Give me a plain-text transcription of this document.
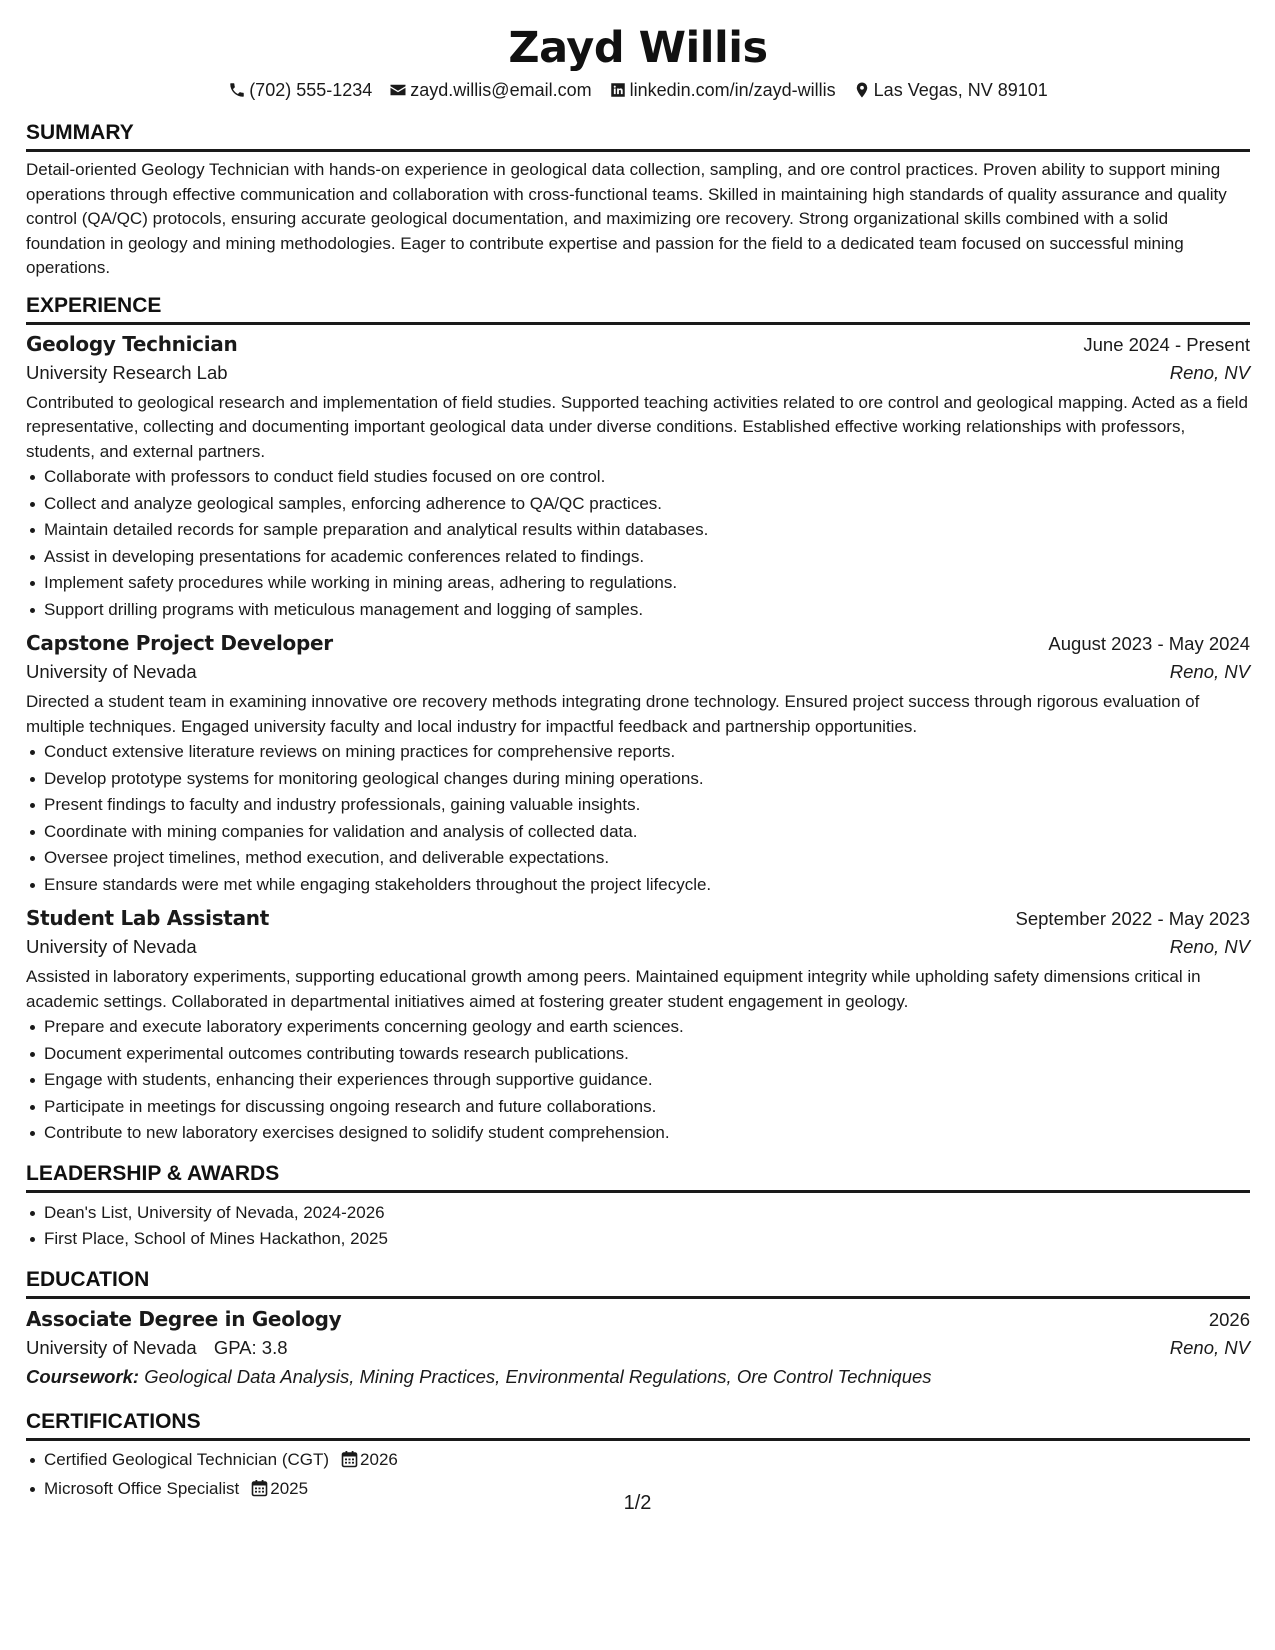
Zayd Willis
(702) 555-1234 zayd.willis@email.com linkedin.com/in/zayd-willis Las Vegas, NV 89101
SUMMARY
Detail-oriented Geology Technician with hands-on experience in geological data collection, sampling, and ore control practices. Proven ability to support mining operations through effective communication and collaboration with cross-functional teams. Skilled in maintaining high standards of quality assurance and quality control (QA/QC) protocols, ensuring accurate geological documentation, and maximizing ore recovery. Strong organizational skills combined with a solid foundation in geology and mining methodologies. Eager to contribute expertise and passion for the field to a dedicated team focused on successful mining operations.
EXPERIENCE
Geology Technician	June 2024 - Present
University Research Lab	Reno, NV
Contributed to geological research and implementation of field studies. Supported teaching activities related to ore control and geological mapping. Acted as a field representative, collecting and documenting important geological data under diverse conditions. Established effective working relationships with professors, students, and external partners.
Collaborate with professors to conduct field studies focused on ore control.
Collect and analyze geological samples, enforcing adherence to QA/QC practices.
Maintain detailed records for sample preparation and analytical results within databases.
Assist in developing presentations for academic conferences related to findings.
Implement safety procedures while working in mining areas, adhering to regulations.
Support drilling programs with meticulous management and logging of samples.
Capstone Project Developer	August 2023 - May 2024
University of Nevada	Reno, NV
Directed a student team in examining innovative ore recovery methods integrating drone technology. Ensured project success through rigorous evaluation of multiple techniques. Engaged university faculty and local industry for impactful feedback and partnership opportunities.
Conduct extensive literature reviews on mining practices for comprehensive reports.
Develop prototype systems for monitoring geological changes during mining operations.
Present findings to faculty and industry professionals, gaining valuable insights.
Coordinate with mining companies for validation and analysis of collected data.
Oversee project timelines, method execution, and deliverable expectations.
Ensure standards were met while engaging stakeholders throughout the project lifecycle.
Student Lab Assistant	September 2022 - May 2023
University of Nevada	Reno, NV
Assisted in laboratory experiments, supporting educational growth among peers. Maintained equipment integrity while upholding safety dimensions critical in academic settings. Collaborated in departmental initiatives aimed at fostering greater student engagement in geology.
Prepare and execute laboratory experiments concerning geology and earth sciences.
Document experimental outcomes contributing towards research publications.
Engage with students, enhancing their experiences through supportive guidance.
Participate in meetings for discussing ongoing research and future collaborations.
Contribute to new laboratory exercises designed to solidify student comprehension.
LEADERSHIP & AWARDS
Dean's List, University of Nevada, 2024-2026
First Place, School of Mines Hackathon, 2025
EDUCATION
Associate Degree in Geology	2026
University of Nevada GPA: 3.8	Reno, NV
Coursework: Geological Data Analysis, Mining Practices, Environmental Regulations, Ore Control Techniques
CERTIFICATIONS
Certified Geological Technician (CGT) 2026
Microsoft Office Specialist 2025
1/2
